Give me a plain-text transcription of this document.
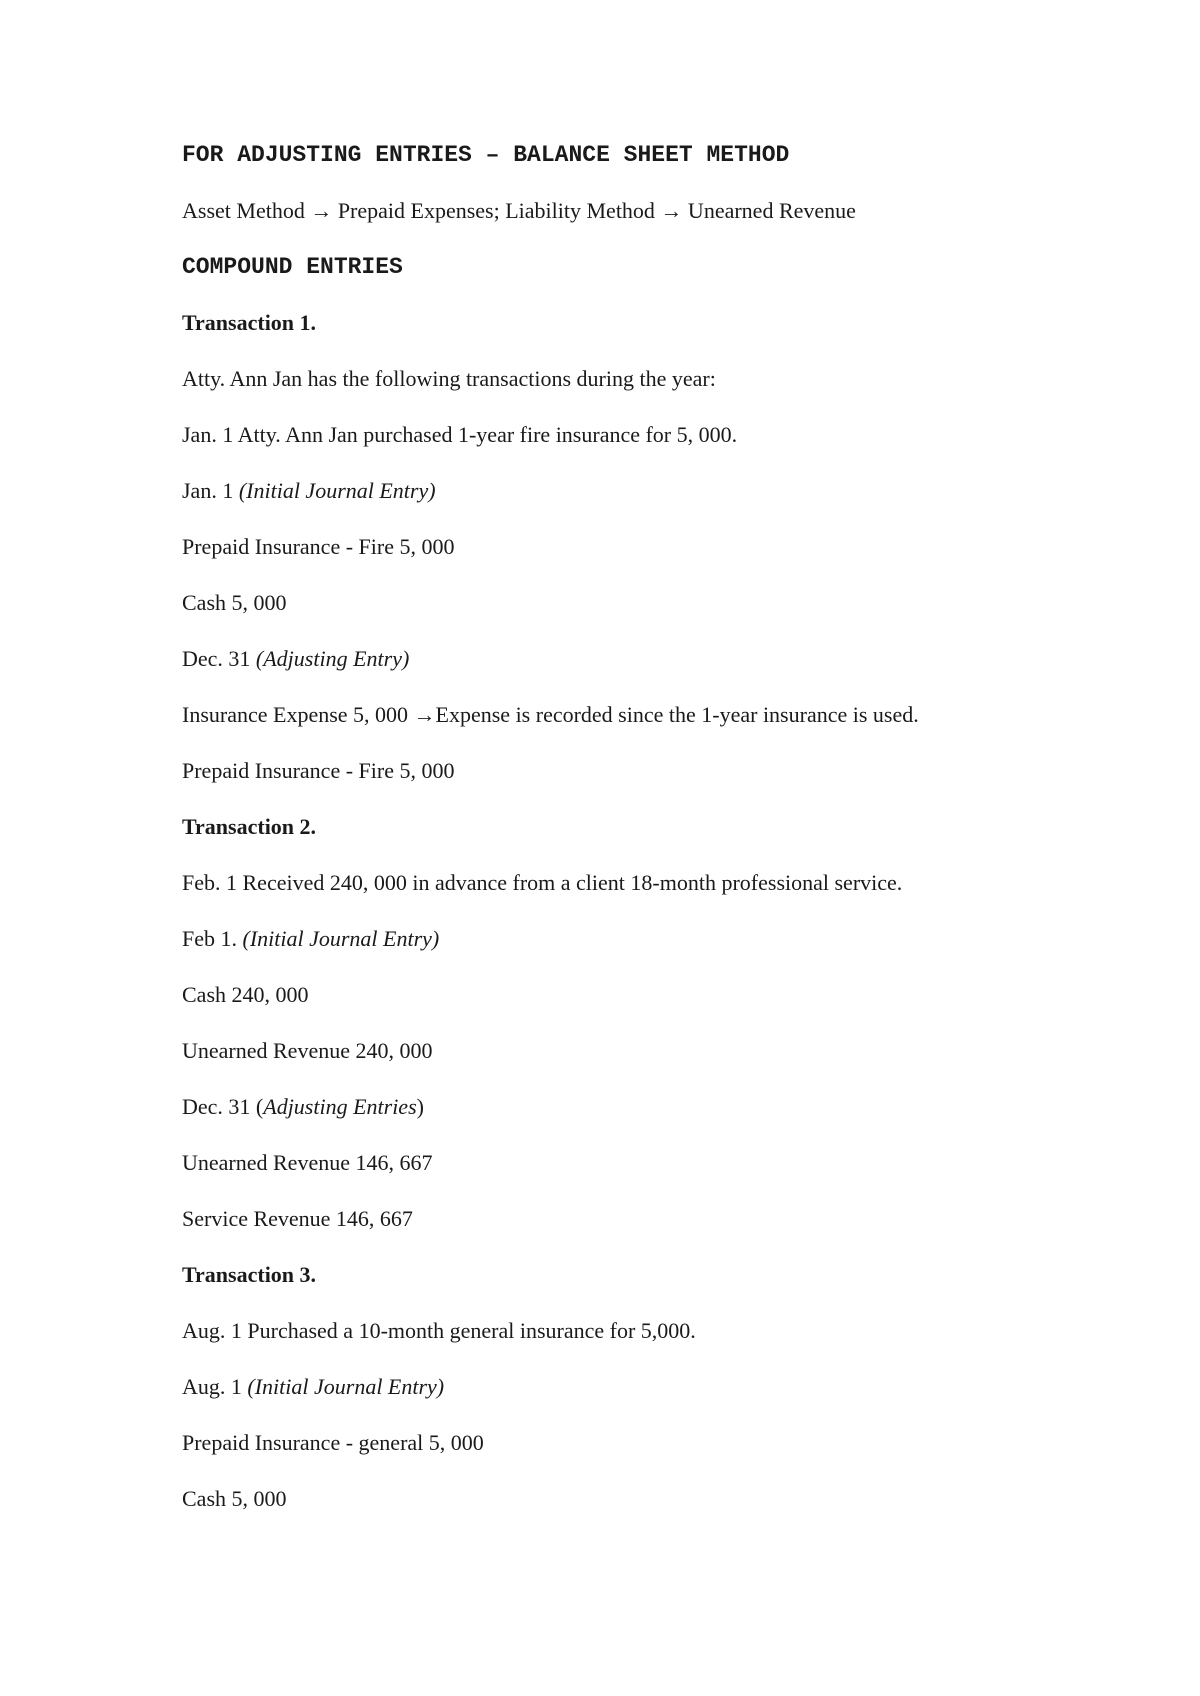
FOR ADJUSTING ENTRIES – BALANCE SHEET METHOD

Asset Method → Prepaid Expenses; Liability Method → Unearned Revenue

COMPOUND ENTRIES

Transaction 1.

Atty. Ann Jan has the following transactions during the year:

Jan. 1 Atty. Ann Jan purchased 1-year fire insurance for 5, 000.

Jan. 1 (Initial Journal Entry)

Prepaid Insurance - Fire 5, 000

Cash 5, 000

Dec. 31 (Adjusting Entry)

Insurance Expense 5, 000 →Expense is recorded since the 1-year insurance is used.

Prepaid Insurance - Fire 5, 000

Transaction 2.

Feb. 1 Received 240, 000 in advance from a client 18-month professional service.

Feb 1. (Initial Journal Entry)

Cash 240, 000

Unearned Revenue 240, 000

Dec. 31 (Adjusting Entries)

Unearned Revenue 146, 667

Service Revenue 146, 667

Transaction 3.

Aug. 1 Purchased a 10-month general insurance for 5,000.

Aug. 1 (Initial Journal Entry)

Prepaid Insurance - general 5, 000

Cash 5, 000
